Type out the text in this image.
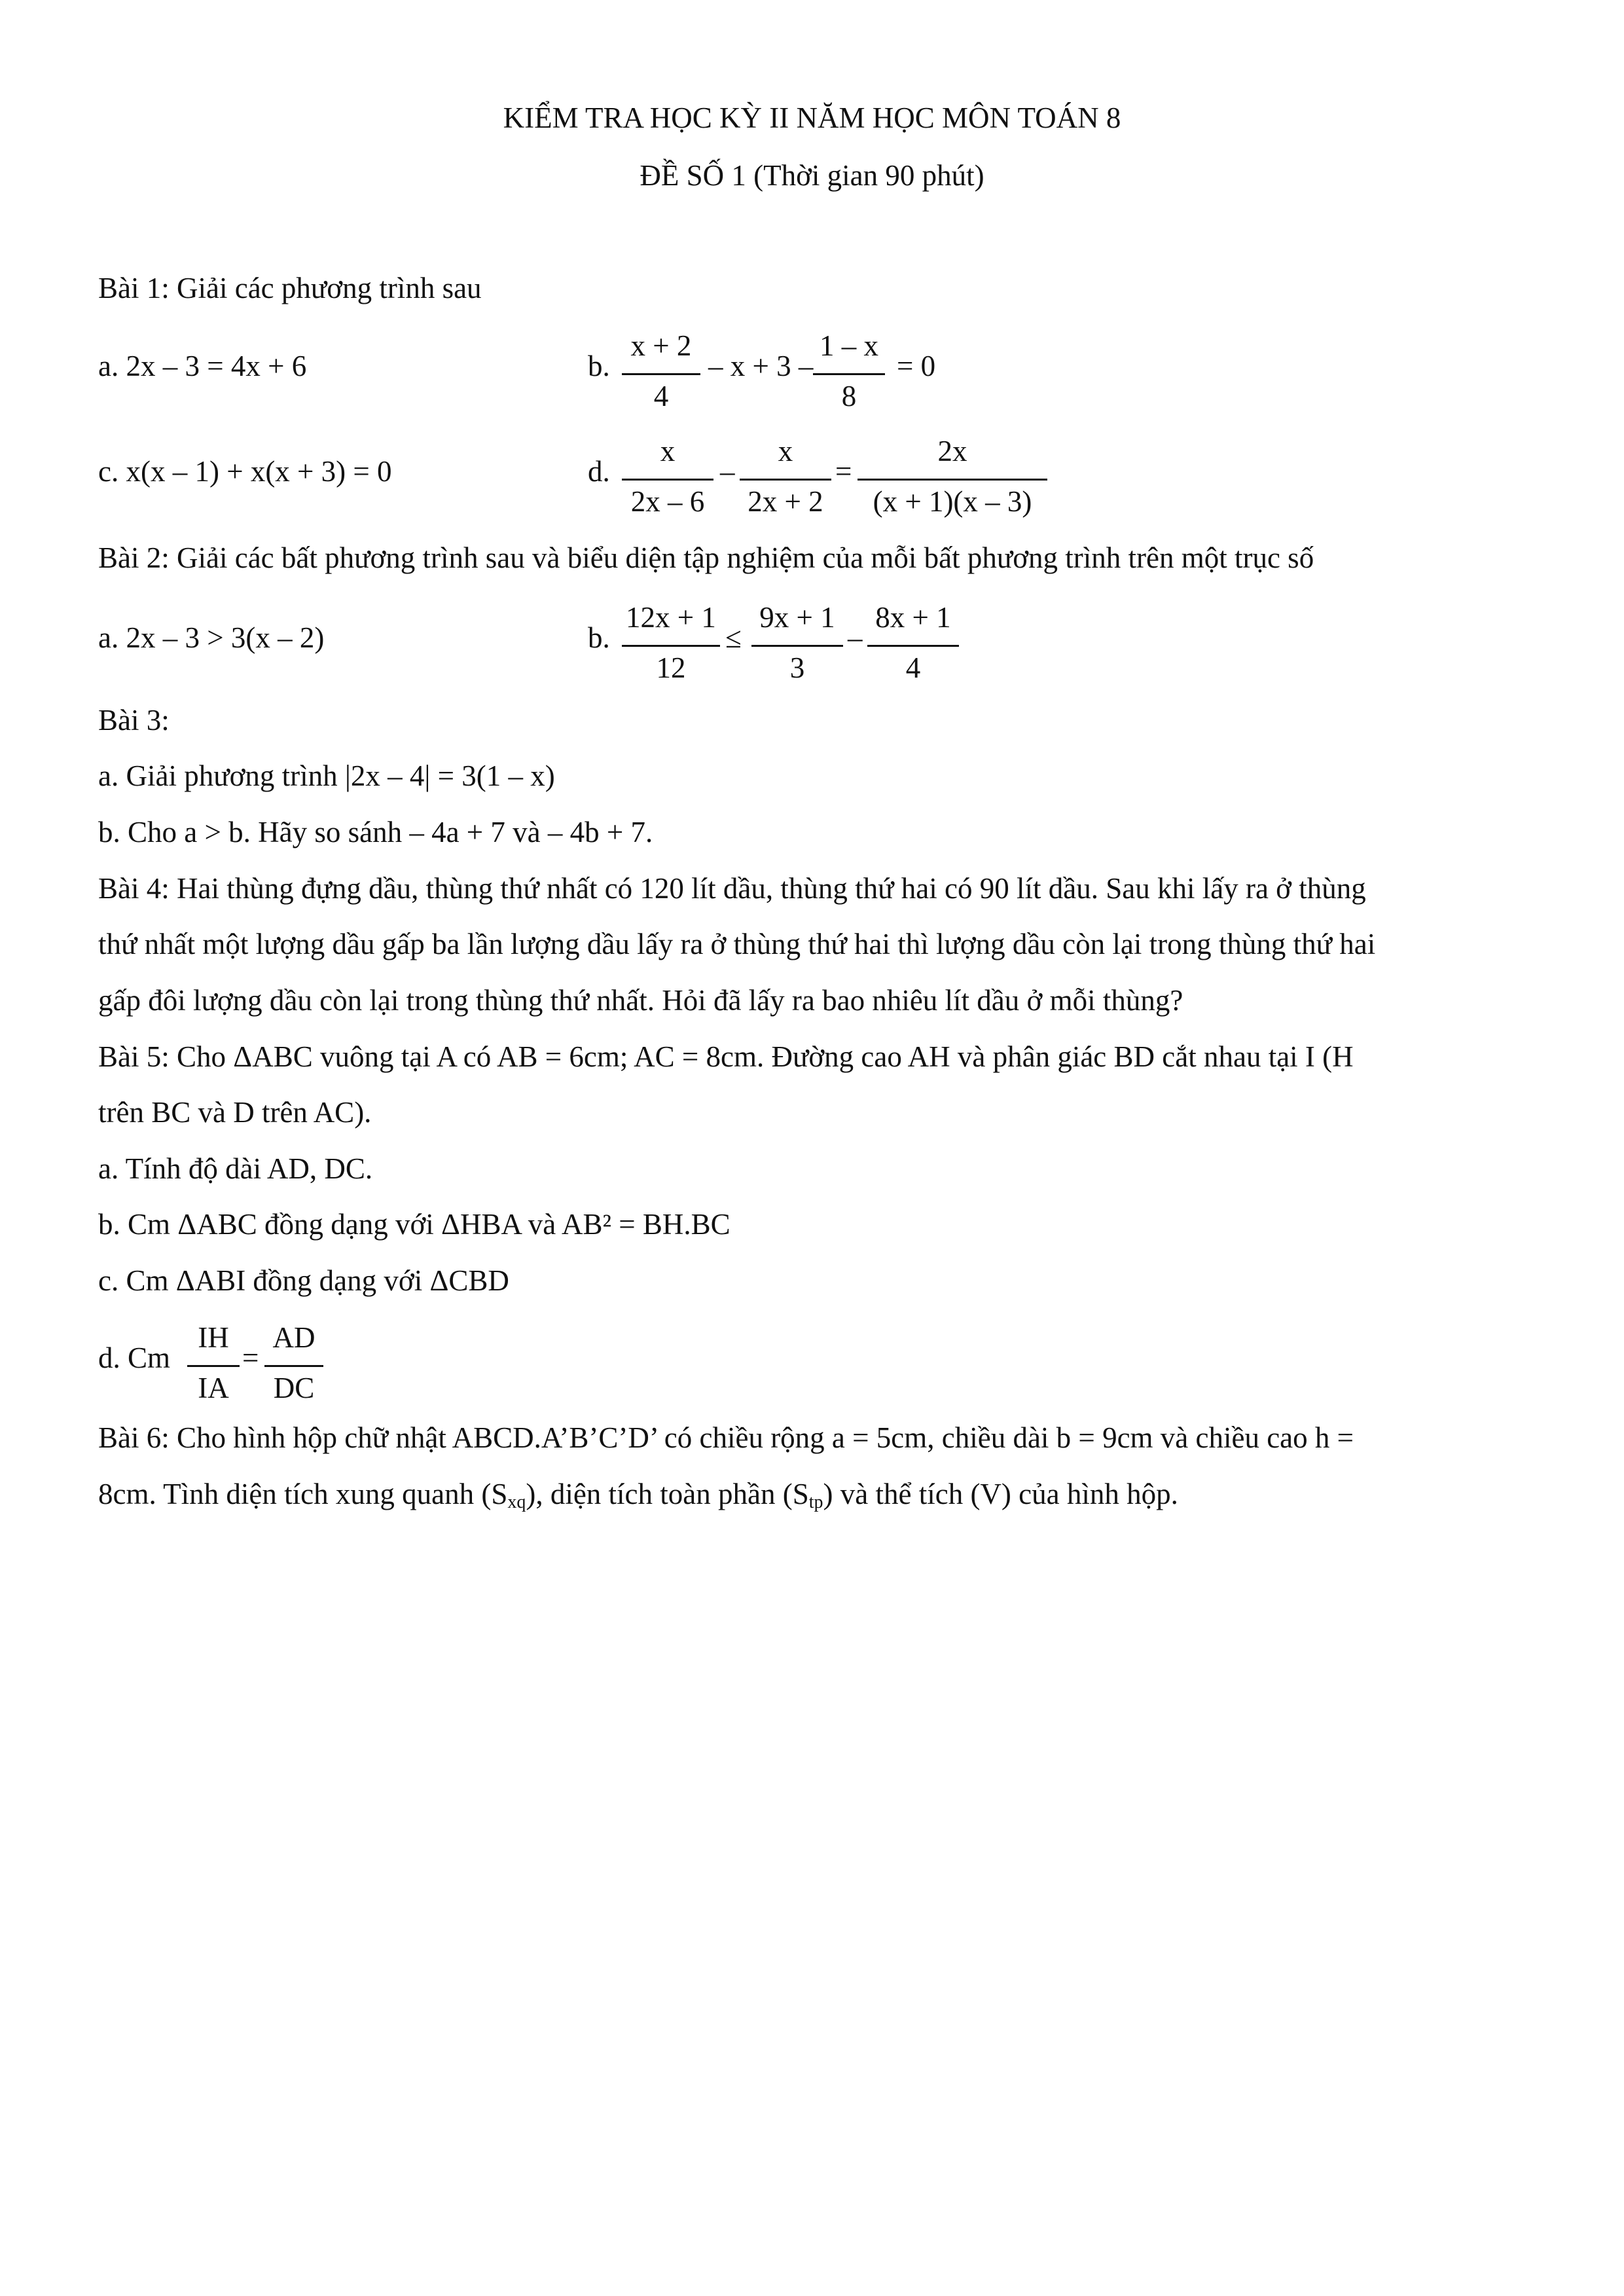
KIỂM TRA HỌC KỲ II NĂM HỌC MÔN TOÁN 8
ĐỀ SỐ 1 (Thời gian 90 phút)
Bài 1: Giải các phương trình sau
a. 2x – 3 = 4x + 6	b.
x + 2
4
– x + 3 –
1 – x
8
= 0
c. x(x – 1) + x(x + 3) = 0	d.
x
2x – 6
–
x
2x + 2
=
2x
(x + 1)(x – 3)
Bài 2: Giải các bất phương trình sau và biểu diện tập nghiệm của mỗi bất phương trình trên một trục số
a. 2x – 3 > 3(x – 2)	b.
12x + 1
12
≤
9x + 1
3
–
8x + 1
4
Bài 3:
a. Giải phương trình |2x – 4| = 3(1 – x)
b. Cho a > b. Hãy so sánh – 4a + 7 và – 4b + 7.
Bài 4: Hai thùng đựng dầu, thùng thứ nhất có 120 lít dầu, thùng thứ hai có 90 lít dầu. Sau khi lấy ra ở thùng
thứ nhất một lượng dầu gấp ba lần lượng dầu lấy ra ở thùng thứ hai thì lượng dầu còn lại trong thùng thứ hai
gấp đôi lượng dầu còn lại trong thùng thứ nhất. Hỏi đã lấy ra bao nhiêu lít dầu ở mỗi thùng?
Bài 5: Cho ΔABC vuông tại A có AB = 6cm; AC = 8cm. Đường cao AH và phân giác BD cắt nhau tại I (H
trên BC và D trên AC).
a. Tính độ dài AD, DC.
b. Cm ΔABC đồng dạng với ΔHBA và AB² = BH.BC
c. Cm ΔABI đồng dạng với ΔCBD
d. Cm
IH
IA
=
AD
DC
Bài 6: Cho hình hộp chữ nhật ABCD.A’B’C’D’ có chiều rộng a = 5cm, chiều dài b = 9cm và chiều cao h =
8cm. Tình diện tích xung quanh $(S_{xq})$, diện tích toàn phần $(S_{tp})$ và thể tích (V) của hình hộp.
